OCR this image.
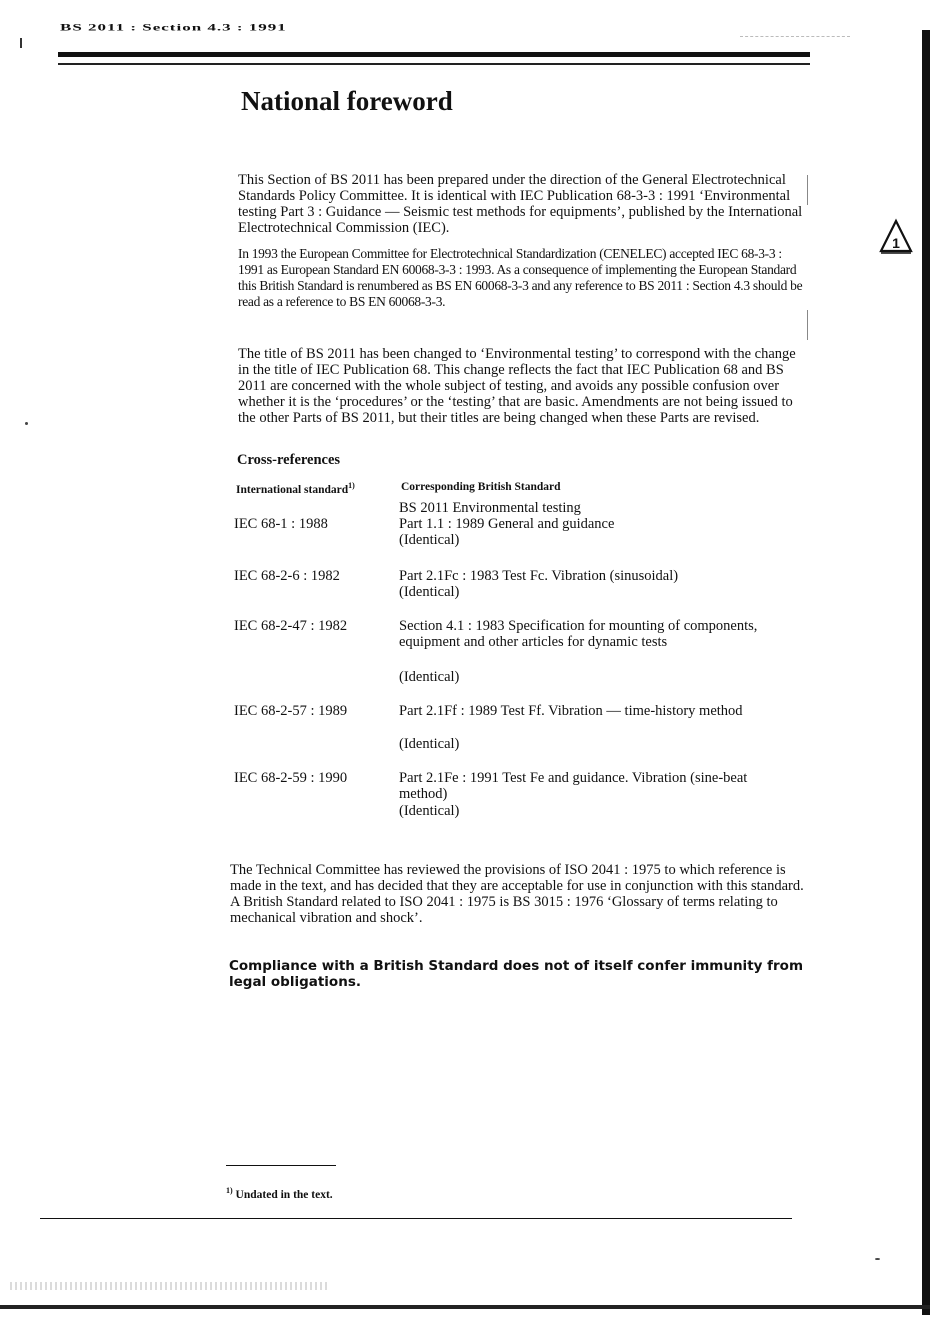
BS 2011 : Section 4.3 : 1991
1
National foreword
This Section of BS 2011 has been prepared under the direction of the General Electrotechnical Standards Policy Committee. It is identical with IEC Publication 68-3-3 : 1991 ‘Environmental testing Part 3 : Guidance — Seismic test methods for equipments’, published by the International Electrotechnical Commission (IEC).
In 1993 the European Committee for Electrotechnical Standardization (CENELEC) accepted IEC 68-3-3 : 1991 as European Standard EN 60068-3-3 : 1993. As a consequence of implementing the European Standard this British Standard is renumbered as BS EN 60068-3-3 and any reference to BS 2011 : Section 4.3 should be read as a reference to BS EN 60068-3-3.
The title of BS 2011 has been changed to ‘Environmental testing’ to correspond with the change in the title of IEC Publication 68. This change reflects the fact that IEC Publication 68 and BS 2011 are concerned with the whole subject of testing, and avoids any possible confusion over whether it is the ‘procedures’ or the ‘testing’ that are basic. Amendments are not being issued to the other Parts of BS 2011, but their titles are being changed when these Parts are revised.
Cross-references
International standard$^{1)}$	Corresponding British Standard
BS 2011 Environmental testing
IEC 68-1 : 1988	Part 1.1 : 1989 General and guidance
(Identical)
IEC 68-2-6 : 1982	Part 2.1Fc : 1983 Test Fc. Vibration (sinusoidal)
(Identical)
IEC 68-2-47 : 1982	Section 4.1 : 1983 Specification for mounting of components, equipment and other articles for dynamic tests
(Identical)
IEC 68-2-57 : 1989	Part 2.1Ff : 1989 Test Ff. Vibration — time-history method
(Identical)
IEC 68-2-59 : 1990	Part 2.1Fe : 1991 Test Fe and guidance. Vibration (sine-beat method)
(Identical)
The Technical Committee has reviewed the provisions of ISO 2041 : 1975 to which reference is made in the text, and has decided that they are acceptable for use in conjunction with this standard. A British Standard related to ISO 2041 : 1975 is BS 3015 : 1976 ‘Glossary of terms relating to mechanical vibration and shock’.
Compliance with a British Standard does not of itself confer immunity from legal obligations.
$^{1)}$ Undated in the text.
